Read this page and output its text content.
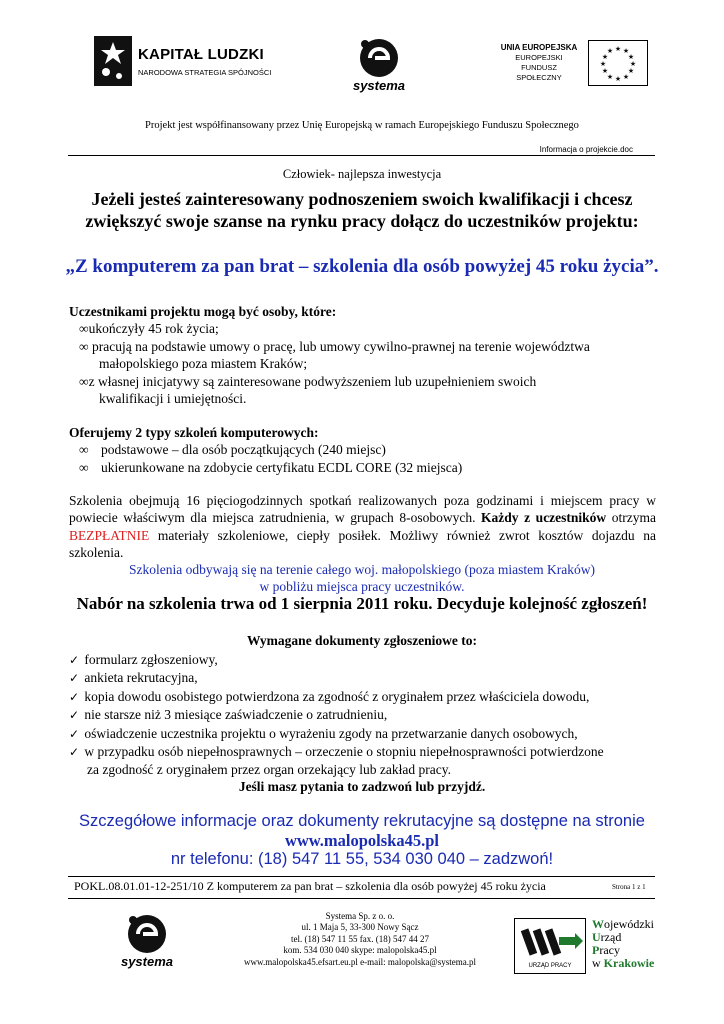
KAPITAŁ LUDZKI
NARODOWA STRATEGIA SPÓJNOŚCI
systema
UNIA EUROPEJSKA
EUROPEJSKI
FUNDUSZ SPOŁECZNY
★ ★
★
★
★
★
★
★
★
★
★
★
Projekt jest współfinansowany przez Unię Europejską w ramach Europejskiego Funduszu Społecznego
Informacja o projekcie.doc
Człowiek- najlepsza inwestycja
Jeżeli jesteś zainteresowany podnoszeniem swoich kwalifikacji i chcesz zwiększyć swoje szanse na rynku pracy dołącz do uczestników projektu:
„Z komputerem za pan brat – szkolenia dla osób powyżej 45 roku życia”.
Uczestnikami projektu mogą być osoby, które:
∞ukończyły 45 rok życia;
∞ pracują na podstawie umowy o pracę, lub umowy cywilno-prawnej na terenie województwa
małopolskiego poza miastem Kraków;
∞z własnej inicjatywy są zainteresowane podwyższeniem lub uzupełnieniem swoich
kwalifikacji i umiejętności.
Oferujemy 2 typy szkoleń komputerowych:
∞ podstawowe – dla osób początkujących (240 miejsc)
∞ ukierunkowane na zdobycie certyfikatu ECDL CORE (32 miejsca)
Szkolenia obejmują 16 pięciogodzinnych spotkań realizowanych poza godzinami i miejscem pracy w powiecie właściwym dla miejsca zatrudnienia, w grupach 8-osobowych. Każdy z uczestników otrzyma BEZPŁATNIE materiały szkoleniowe, ciepły posiłek. Możliwy również zwrot kosztów dojazdu na szkolenia.
Szkolenia odbywają się na terenie całego woj. małopolskiego (poza miastem Kraków)
w pobliżu miejsca pracy uczestników.
Nabór na szkolenia trwa od 1 sierpnia 2011 roku. Decyduje kolejność zgłoszeń!
Wymagane dokumenty zgłoszeniowe to:
✓ formularz zgłoszeniowy,
✓ ankieta rekrutacyjna,
✓ kopia dowodu osobistego potwierdzona za zgodność z oryginałem przez właściciela dowodu,
✓ nie starsze niż 3 miesiące zaświadczenie o zatrudnieniu,
✓ oświadczenie uczestnika projektu o wyrażeniu zgody na przetwarzanie danych osobowych,
✓ w przypadku osób niepełnosprawnych – orzeczenie o stopniu niepełnosprawności potwierdzone
za zgodność z oryginałem przez organ orzekający lub zakład pracy.
Jeśli masz pytania to zadzwoń lub przyjdź.
Szczegółowe informacje oraz dokumenty rekrutacyjne są dostępne na stronie
www.malopolska45.pl
nr telefonu: (18) 547 11 55, 534 030 040 – zadzwoń!
POKL.08.01.01-12-251/10 Z komputerem za pan brat – szkolenia dla osób powyżej 45 roku życia	Strona 1 z 1
systema
Systema Sp. z o. o.
ul. 1 Maja 5, 33-300 Nowy Sącz
tel. (18) 547 11 55 fax. (18) 547 44 27
kom. 534 030 040 skype: malopolska45.pl
www.malopolska45.efsart.eu.pl e-mail: malopolska@systema.pl	URZĄD PRACY
Wojewódzki
Urząd
Pracy
w Krakowie
